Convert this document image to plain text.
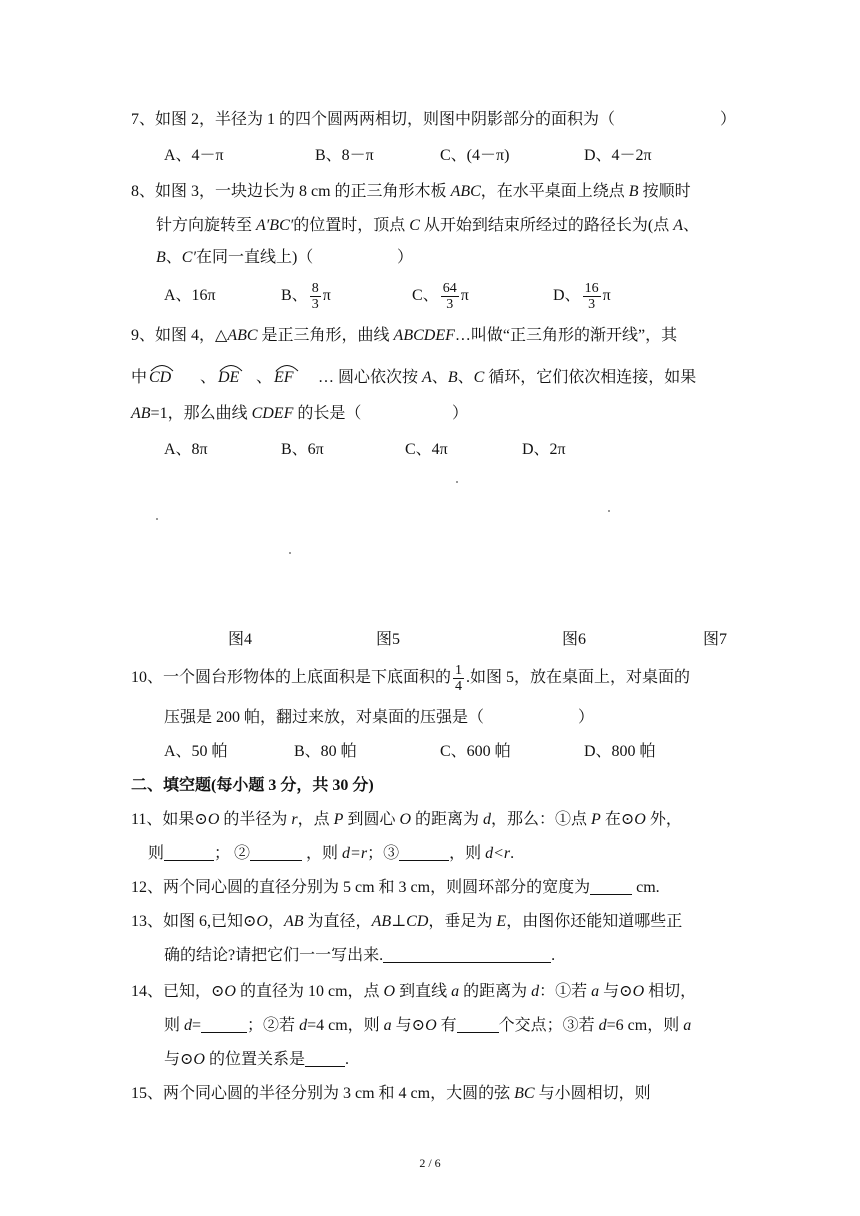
7、如图 2，半径为 1 的四个圆两两相切，则图中阴影部分的面积为（	）
A、4－π	B、8－π	C、(4－π)	D、4－2π
8、如图 3，一块边长为 8 cm 的正三角形木板 ABC，在水平桌面上绕点 B 按顺时
针方向旋转至 A′BC′的位置时，顶点 C 从开始到结束所经过的路径长为(点 A、
B、C′在同一直线上)（	）
A、16π	B、 $\frac{8}{3}$ π	C、 $\frac{64}{3}$ π	D、 $\frac{16}{3}$ π
9、如图 4，△ABC 是正三角形，曲线 ABCDEF…叫做“正三角形的渐开线”，其
中 CD 、 DE 、 EF … 圆心依次按 A、B、C 循环，它们依次相连接，如果
AB=1，那么曲线 CDEF 的长是（	）
A、8π	B、6π	C、4π	D、2π
图4	图5	图6	图7
10、一个圆台形物体的上底面积是下底面积的 $\frac{1}{4}$ .如图 5，放在桌面上，对桌面的
压强是 200 帕，翻过来放，对桌面的压强是（	）
A、50 帕	B、80 帕	C、600 帕	D、800 帕
二、填空题(每小题 3 分，共 30 分)
11、如果⊙O 的半径为 r，点 P 到圆心 O 的距离为 d，那么：①点 P 在⊙O 外，
则	； ②	，则 d=r；③	，则 d<r.
12、两个同心圆的直径分别为 5 cm 和 3 cm，则圆环部分的宽度为	cm.
13、如图 6,已知⊙O，AB 为直径，AB⊥CD，垂足为 E，由图你还能知道哪些正
确的结论?请把它们一一写出来.	.
14、已知，⊙O 的直径为 10 cm，点 O 到直线 a 的距离为 d：①若 a 与⊙O 相切，
则 d=	；②若 d=4 cm，则 a 与⊙O 有	个交点；③若 d=6 cm，则 a
与⊙O 的位置关系是	.
15、两个同心圆的半径分别为 3 cm 和 4 cm，大圆的弦 BC 与小圆相切，则
2 / 6
